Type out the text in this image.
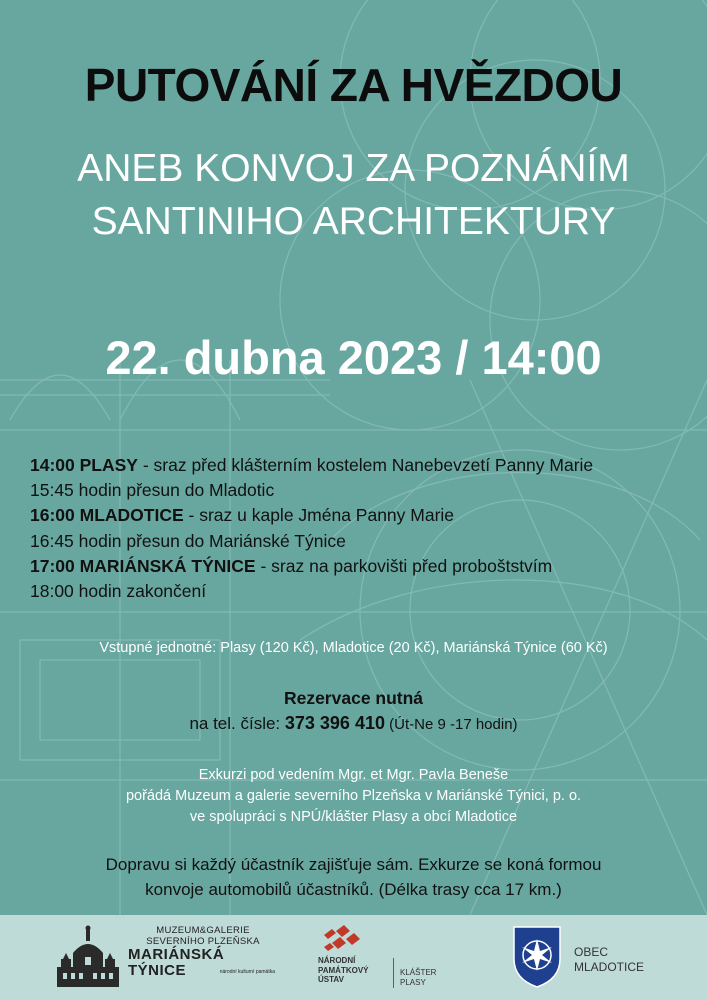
PUTOVÁNÍ ZA HVĚZDOU
ANEB KONVOJ ZA POZNÁNÍM
SANTINIHO ARCHITEKTURY
22. dubna 2023 / 14:00
14:00 PLASY - sraz před klášterním kostelem Nanebevzetí Panny Marie
15:45 hodin přesun do Mladotic
16:00 MLADOTICE - sraz u kaple Jména Panny Marie
16:45 hodin přesun do Mariánské Týnice
17:00 MARIÁNSKÁ TÝNICE - sraz na parkovišti před proboštstvím
18:00 hodin zakončení
Vstupné jednotné: Plasy (120 Kč), Mladotice (20 Kč), Mariánská Týnice (60 Kč)
Rezervace nutná
na tel. čísle: 373 396 410 (Út-Ne 9 -17 hodin)
Exkurzi pod vedením Mgr. et Mgr. Pavla Beneše
pořádá Muzeum a galerie severního Plzeňska v Mariánské Týnici, p. o.
ve spolupráci s NPÚ/klášter Plasy a obcí Mladotice
Dopravu si každý účastník zajišťuje sám. Exkurze se koná formou
konvoje automobilů účastníků. (Délka trasy cca 17 km.)
MUZEUM&GALERIE
SEVERNÍHO PLZEŇSKA
MARIÁNSKÁ
TÝNICE	národní kulturní památka
NÁRODNÍ
PAMÁTKOVÝ
ÚSTAV
KLÁŠTER
PLASY
OBEC
MLADOTICE
